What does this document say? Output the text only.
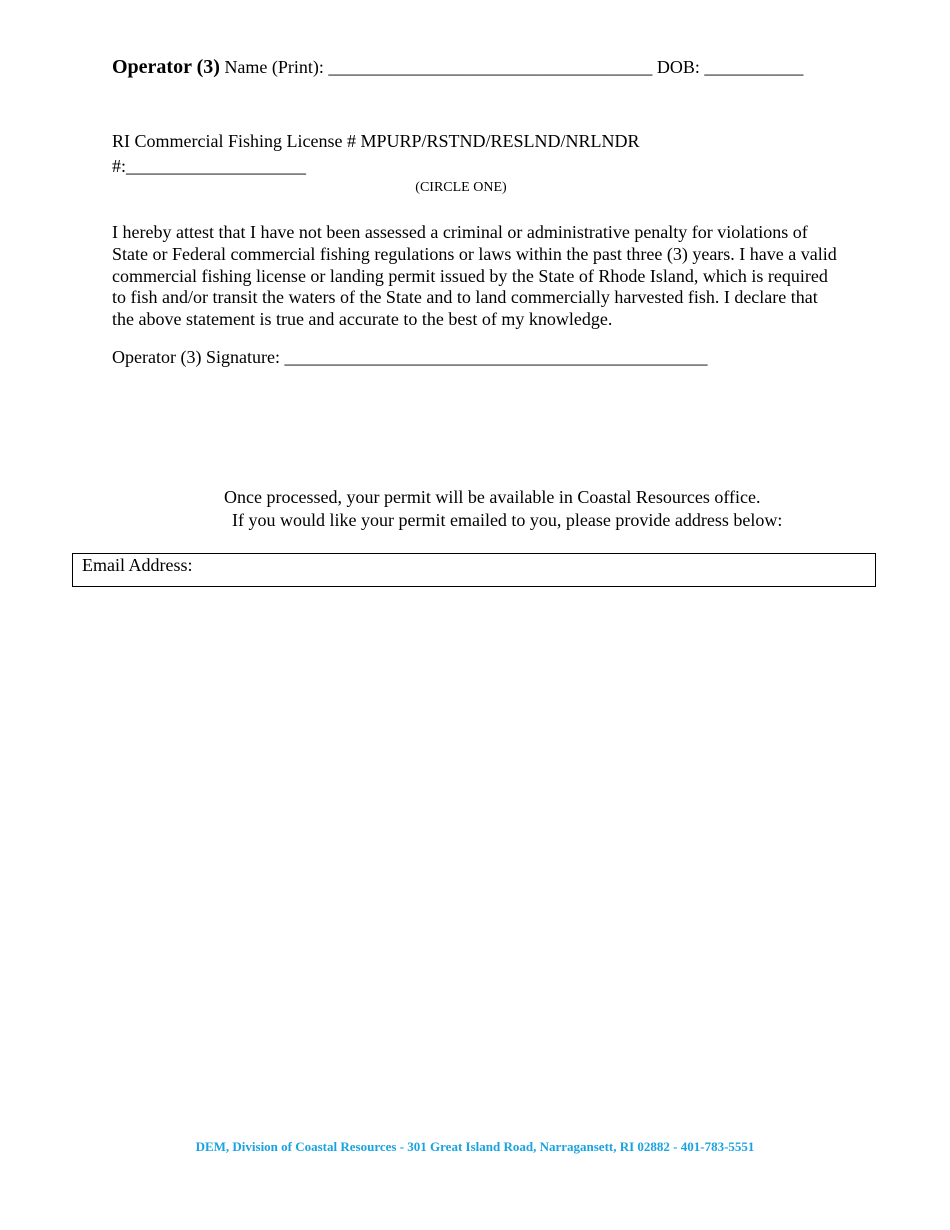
Operator (3) Name (Print): ____________________________________ DOB: ___________
RI Commercial Fishing License # MPURP/RSTND/RESLND/NRLNDR
#:____________________
(CIRCLE ONE)
I hereby attest that I have not been assessed a criminal or administrative penalty for violations of State or Federal commercial fishing regulations or laws within the past three (3) years. I have a valid commercial fishing license or landing permit issued by the State of Rhode Island, which is required to fish and/or transit the waters of the State and to land commercially harvested fish. I declare that the above statement is true and accurate to the best of my knowledge.
Operator (3) Signature: _______________________________________________
Once processed, your permit will be available in Coastal Resources office.
If you would like your permit emailed to you, please provide address below:
Email Address:
DEM, Division of Coastal Resources - 301 Great Island Road, Narragansett, RI 02882 - 401-783-5551
